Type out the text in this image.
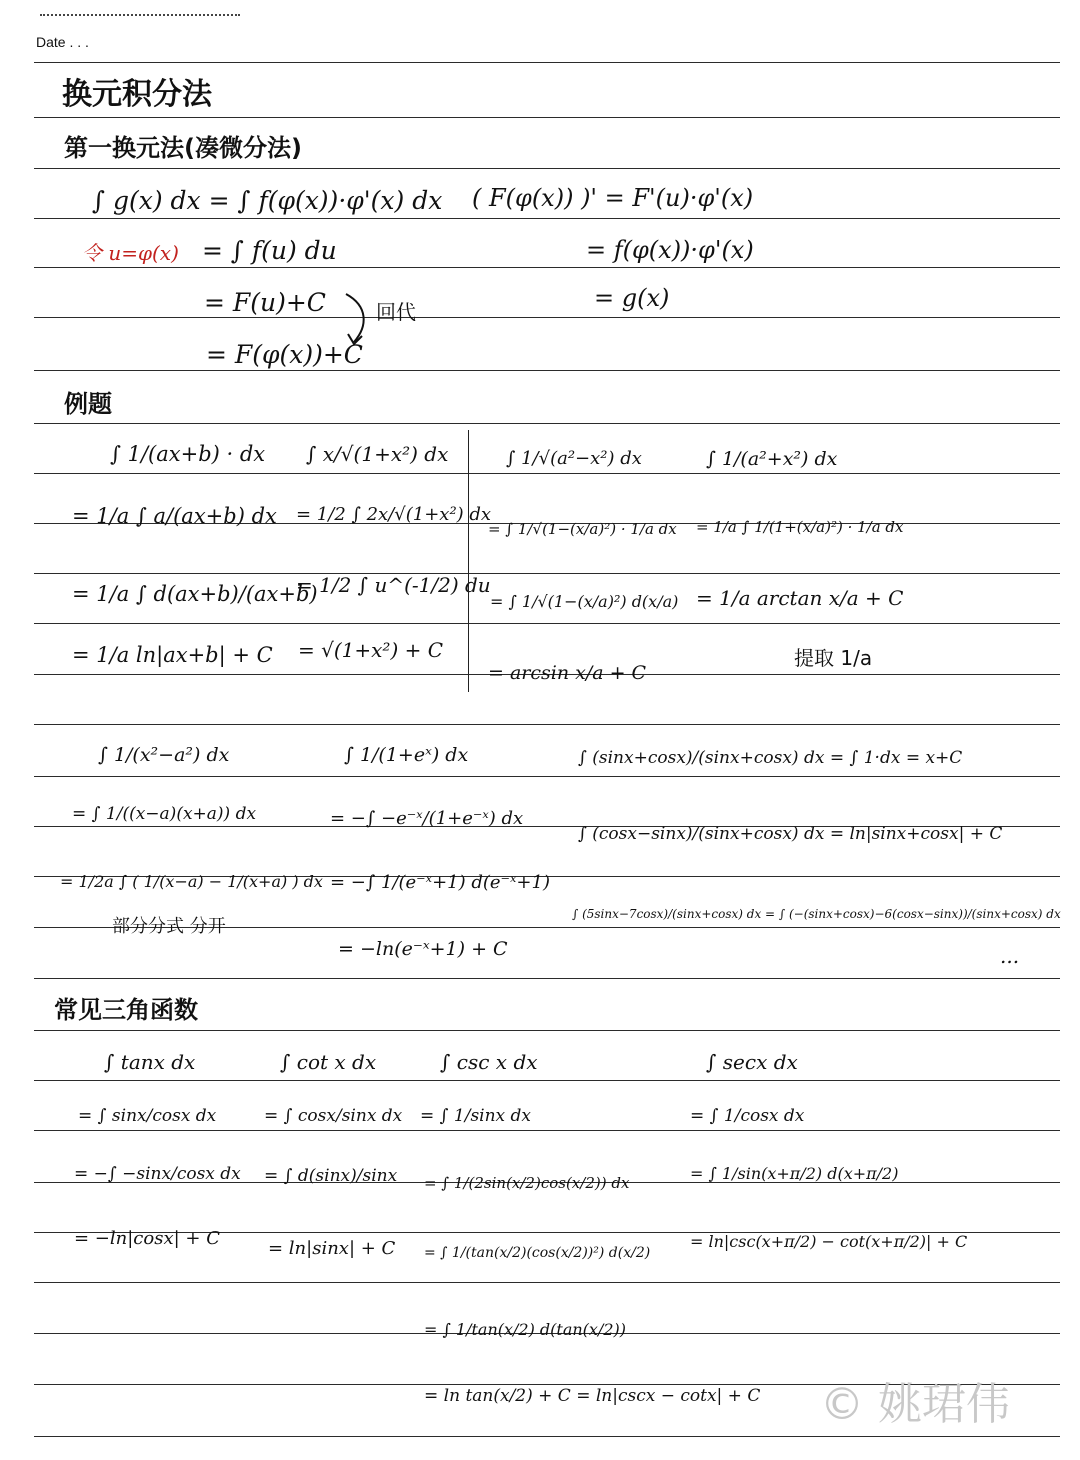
Date . . .
换元积分法
第一换元法(凑微分法)
∫ g(x) dx = ∫ f(φ(x))·φ'(x) dx ( F(φ(x)) )' = F'(u)·φ'(x)
令 u=φ(x) = ∫ f(u) du	= f(φ(x))·φ'(x)
= F(u)+C	回代	= g(x)
= F(φ(x))+C
例题
∫ 1/(ax+b) · dx
= 1/a ∫ a/(ax+b) dx
= 1/a ∫ d(ax+b)/(ax+b)
= 1/a ln|ax+b| + C
∫ x/√(1+x²) dx
= 1/2 ∫ 2x/√(1+x²) dx
= 1/2 ∫ u^(-1/2) du
= √(1+x²) + C
∫ 1/√(a²−x²) dx
= ∫ 1/√(1−(x/a)²) · 1/a dx
= ∫ 1/√(1−(x/a)²) d(x/a)
= arcsin x/a + C
∫ 1/(a²+x²) dx
= 1/a ∫ 1/(1+(x/a)²) · 1/a dx
= 1/a arctan x/a + C
提取 1/a
∫ 1/(x²−a²) dx
= ∫ 1/((x−a)(x+a)) dx
= 1/2a ∫ ( 1/(x−a) − 1/(x+a) ) dx
部分分式 分开
∫ 1/(1+eˣ) dx
= −∫ −e⁻ˣ/(1+e⁻ˣ) dx
= −∫ 1/(e⁻ˣ+1) d(e⁻ˣ+1)
= −ln(e⁻ˣ+1) + C
∫ (sinx+cosx)/(sinx+cosx) dx = ∫ 1·dx = x+C
∫ (cosx−sinx)/(sinx+cosx) dx = ln|sinx+cosx| + C
∫ (5sinx−7cosx)/(sinx+cosx) dx = ∫ (−(sinx+cosx)−6(cosx−sinx))/(sinx+cosx) dx
...
常见三角函数
∫ tanx dx
= ∫ sinx/cosx dx
= −∫ −sinx/cosx dx
= −ln|cosx| + C
∫ cot x dx
= ∫ cosx/sinx dx
= ∫ d(sinx)/sinx
= ln|sinx| + C
∫ csc x dx
= ∫ 1/sinx dx
= ∫ 1/(2sin(x/2)cos(x/2)) dx
= ∫ 1/(tan(x/2)(cos(x/2))²) d(x/2)
= ∫ 1/tan(x/2) d(tan(x/2))
= ln tan(x/2) + C = ln|cscx − cotx| + C
∫ secx dx
= ∫ 1/cosx dx
= ∫ 1/sin(x+π/2) d(x+π/2)
= ln|csc(x+π/2) − cot(x+π/2)| + C
© 姚珺伟
